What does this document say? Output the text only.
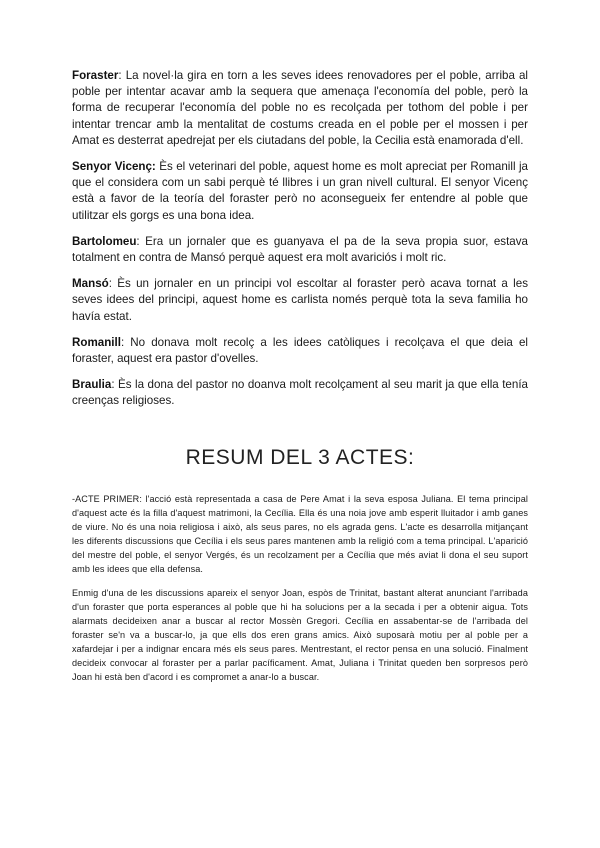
Foraster: La novel·la gira en torn a les seves idees renovadores per el poble, arriba al poble per intentar acavar amb la sequera que amenaça l'economía del poble, però la forma de recuperar l'economía del poble no es recolçada per tothom del poble i per intentar trencar amb la mentalitat de costums creada en el poble per el mossen i per Amat es desterrat apedrejat per els ciutadans del poble, la Cecilia està enamorada d'ell.

Senyor Vicenç: Ès el veterinari del poble, aquest home es molt apreciat per Romanill ja que el considera com un sabi perquè té llibres i un gran nivell cultural. El senyor Vicenç està a favor de la teoría del foraster però no aconsegueix fer entendre al poble que utilitzar els gorgs es una bona idea.

Bartolomeu: Era un jornaler que es guanyava el pa de la seva propia suor, estava totalment en contra de Mansó perquè aquest era molt avariciós i molt ric.

Mansó: Ès un jornaler en un principi vol escoltar al foraster però acava tornat a les seves idees del principi, aquest home es carlista només perquè tota la seva familia ho havía estat.

Romanill: No donava molt recolç a les idees catòliques i recolçava el que deia el foraster, aquest era pastor d'ovelles.

Braulia: Ès la dona del pastor no doanva molt recolçament al seu marit ja que ella tenía creenças religioses.

RESUM DEL 3 ACTES:

-ACTE PRIMER: l'acció està representada a casa de Pere Amat i la seva esposa Juliana. El tema principal d'aquest acte és la filla d'aquest matrimoni, la Cecília. Ella és una noia jove amb esperit lluitador i amb ganes de viure. No és una noia religiosa i això, als seus pares, no els agrada gens. L'acte es desarrolla mitjançant les diferents discussions que Cecília i els seus pares mantenen amb la religió com a tema principal. L'aparició del mestre del poble, el senyor Vergés, és un recolzament per a Cecília que més aviat li dona el seu suport amb les idees que ella defensa.

Enmig d'una de les discussions apareix el senyor Joan, espòs de Trinitat, bastant alterat anunciant l'arribada d'un foraster que porta esperances al poble que hi ha solucions per a la secada i per a obtenir aigua. Tots alarmats decideixen anar a buscar al rector Mossèn Gregori. Cecília en assabentar-se de l'arribada del foraster se'n va a buscar-lo, ja que ells dos eren grans amics. Això suposarà motiu per al poble per a xafardejar i per a indignar encara més els seus pares. Mentrestant, el rector pensa en una solució. Finalment decideix convocar al foraster per a parlar pacíficament. Amat, Juliana i Trinitat queden ben sorpresos però Joan hi està ben d'acord i es compromet a anar-lo a buscar.
